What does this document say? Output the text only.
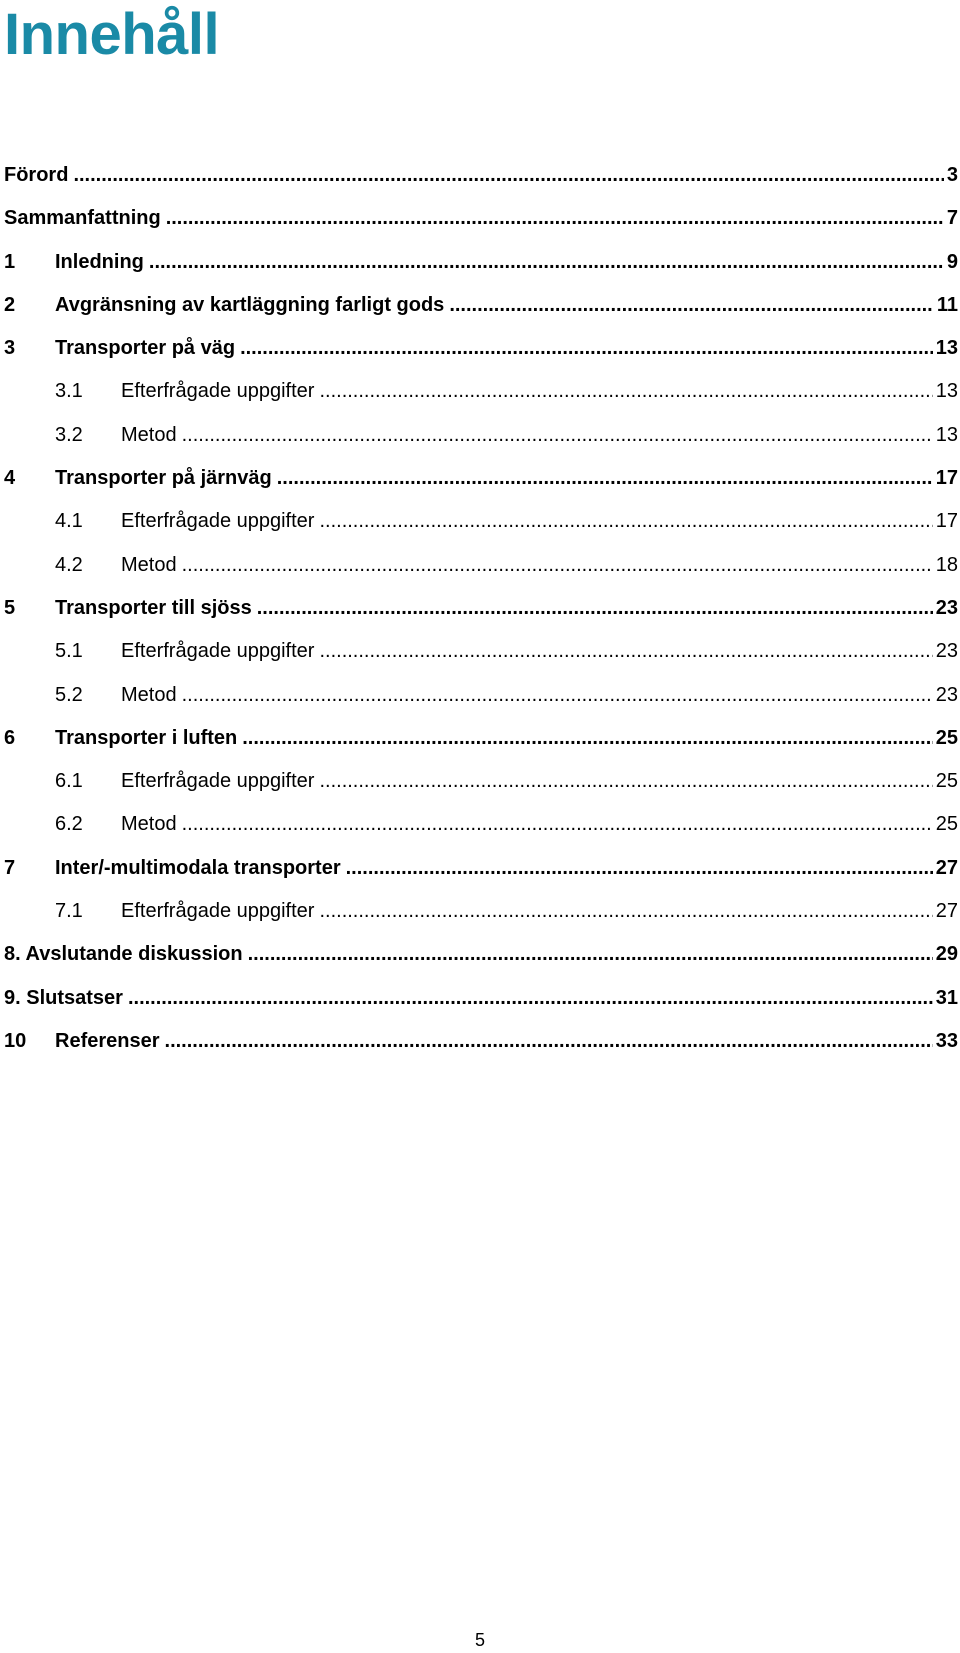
Innehåll
Förord .....	3
Sammanfattning .....	7
1	Inledning .....	9
2	Avgränsning av kartläggning farligt gods .....	11
3	Transporter på väg .....	13
3.1	Efterfrågade uppgifter .....	13
3.2	Metod .....	13
4	Transporter på järnväg .....	17
4.1	Efterfrågade uppgifter .....	17
4.2	Metod .....	18
5	Transporter till sjöss .....	23
5.1	Efterfrågade uppgifter .....	23
5.2	Metod .....	23
6	Transporter i luften .....	25
6.1	Efterfrågade uppgifter .....	25
6.2	Metod .....	25
7	Inter/-multimodala transporter .....	27
7.1	Efterfrågade uppgifter .....	27
8. Avslutande diskussion .....	29
9. Slutsatser .....	31
10	Referenser .....	33
5
